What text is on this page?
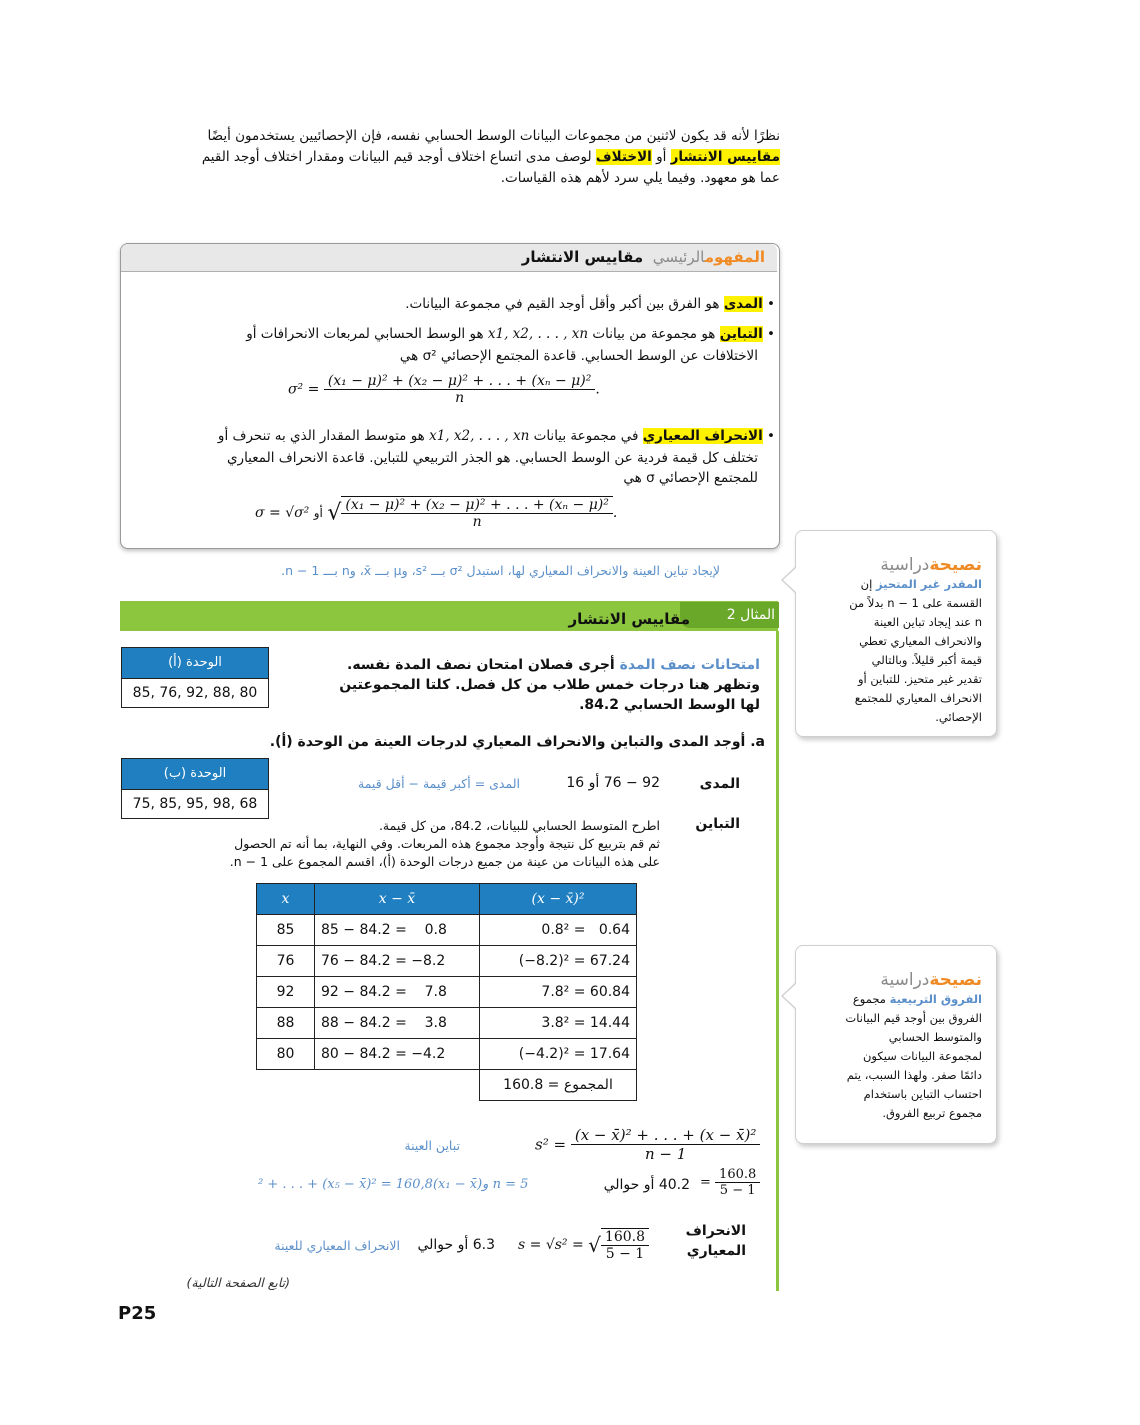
نظرًا لأنه قد يكون لاثنين من مجموعات البيانات الوسط الحسابي نفسه، فإن الإحصائيين يستخدمون أيضًا
مقاييس الانتشار أو الاختلاف لوصف مدى اتساع اختلاف أوجد قيم البيانات ومقدار اختلاف أوجد القيم
عما هو معهود. وفيما يلي سرد لأهم هذه القياسات.
المفهومالرئيسي  مقاييس الانتشار
• المدى هو الفرق بين أكبر وأقل أوجد القيم في مجموعة البيانات.
• التباين هو مجموعة من بيانات x1, x2, . . . , xn هو الوسط الحسابي لمربعات الانحرافات أو
الاختلافات عن الوسط الحسابي. قاعدة المجتمع الإحصائي σ² هي
$\sigma^2 = \frac{\text{(x₁ − μ)² + (x₂ − μ)² + . . . + (xₙ − μ)²}}{n}$ .
• الانحراف المعياري في مجموعة بيانات x1, x2, . . . , xn هو متوسط المقدار الذي به تنحرف أو
تختلف كل قيمة فردية عن الوسط الحسابي. هو الجذر التربيعي للتباين. قاعدة الانحراف المعياري
للمجتمع الإحصائي σ هي
σ = √σ² أو √ $\frac{\text{(x₁ − μ)² + (x₂ − μ)² + . . . + (xₙ − μ)²}}{n}$ .
لإيجاد تباين العينة والانحراف المعياري لها، استبدل σ² بـــ s²، وμ بـــ x̄، وn بـــ n − 1.
المثال 2
مقاييس الانتشار
الوحدة (أ)
85, 76, 92, 88, 80
الوحدة (ب)
75, 85, 95, 98, 68
امتحانات نصف المدة أجرى فصلان امتحان نصف المدة نفسه.
وتظهر هنا درجات خمس طلاب من كل فصل. كلتا المجموعتين
لها الوسط الحسابي 84.2.
a. أوجد المدى والتباين والانحراف المعياري لدرجات العينة من الوحدة (أ).
المدى
92 − 76 أو 16
المدى = أكبر قيمة − أقل قيمة
التباين
اطرح المتوسط الحسابي للبيانات، 84.2، من كل قيمة.
ثم قم بتربيع كل نتيجة وأوجد مجموع هذه المربعات. وفي النهاية، بما أنه تم الحصول
على هذه البيانات من عينة من جميع درجات الوحدة (أ)، اقسم المجموع على n − 1.
x	x − x̄	(x − x̄)²
85	85 − 84.2 =    0.8	0.8² =   0.64
76	76 − 84.2 = −8.2	(−8.2)² = 67.24
92	92 − 84.2 =    7.8	7.8² = 60.84
88	88 − 84.2 =    3.8	3.8² = 14.44
80	80 − 84.2 = −4.2	(−4.2)² = 17.64
		160.8 = المجموع
$s^2 = \frac{\text{(x − x̄)² + . . . + (x − x̄)²}}{n - 1}$
تباين العينة
n = 5 و(x₁ − x̄)² + . . . + (x₅ − x̄)² = 160,8	40.2 أو حوالي = $\frac{160.8}{5 - 1}$
الانحراف
المعياري
s = √s² = √ $\frac{160.8}{5 - 1}$
6.3 أو حوالي
الانحراف المعياري للعينة
(تابع الصفحة التالية)
P25
نصيحةدراسية
المقدر غير المتحيز إن
القسمة على n − 1 بدلاً من
n عند إيجاد تباين العينة
والانحراف المعياري تعطي
قيمة أكبر قليلاً. وبالتالي
تقدير غير متحيز. للتباين أو
الانحراف المعياري للمجتمع
الإحصائي.
نصيحةدراسية
الفروق التربيعية مجموع
الفروق بين أوجد قيم البيانات
والمتوسط الحسابي
لمجموعة البيانات سيكون
دائمًا صفر. ولهذا السبب، يتم
احتساب التباين باستخدام
مجموع تربيع الفروق.
